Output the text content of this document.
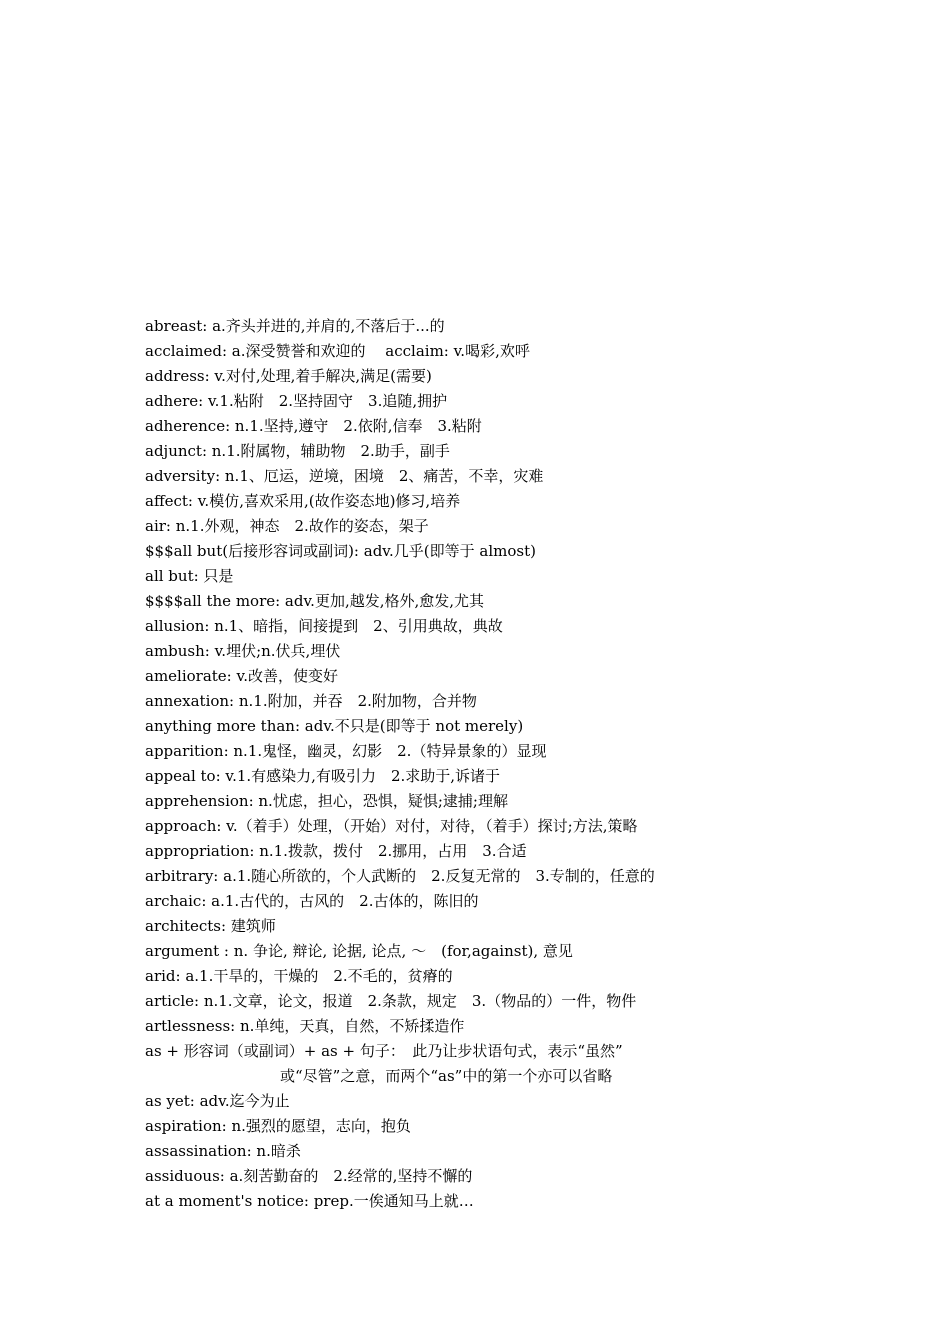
abreast: a.齐头并进的,并肩的,不落后于...的
acclaimed: a.深受赞誉和欢迎的　 acclaim: v.喝彩,欢呼
address: v.对付,处理,着手解决,满足(需要)
adhere: v.1.粘附　2.坚持固守　3.追随,拥护
adherence: n.1.坚持,遵守　2.依附,信奉　3.粘附
adjunct: n.1.附属物，辅助物　2.助手，副手
adversity: n.1、厄运，逆境，困境　2、痛苦，不幸，灾难
affect: v.模仿,喜欢采用,(故作姿态地)修习,培养
air: n.1.外观，神态　2.故作的姿态，架子
$$$all but(后接形容词或副词): adv.几乎(即等于 almost)
all but: 只是
$$$$all the more: adv.更加,越发,格外,愈发,尤其
allusion: n.1、暗指，间接提到　2、引用典故，典故
ambush: v.埋伏;n.伏兵,埋伏
ameliorate: v.改善，使变好
annexation: n.1.附加，并吞　2.附加物，合并物
anything more than: adv.不只是(即等于 not merely)
apparition: n.1.鬼怪，幽灵，幻影　2.（特异景象的）显现
appeal to: v.1.有感染力,有吸引力　2.求助于,诉诸于
apprehension: n.忧虑，担心，恐惧，疑惧;逮捕;理解
approach: v.（着手）处理，（开始）对付，对待，（着手）探讨;方法,策略
appropriation: n.1.拨款，拨付　2.挪用，占用　3.合适
arbitrary: a.1.随心所欲的，个人武断的　2.反复无常的　3.专制的，任意的
archaic: a.1.古代的，古风的　2.古体的，陈旧的
architects: 建筑师
argument : n. 争论, 辩论, 论据, 论点, ～　(for,against), 意见
arid: a.1.干旱的，干燥的　2.不毛的，贫瘠的
article: n.1.文章，论文，报道　2.条款，规定　3.（物品的）一件，物件
artlessness: n.单纯，天真，自然，不矫揉造作
as + 形容词（或副词）+ as + 句子：　此乃让步状语句式，表示“虽然”
或“尽管”之意，而两个“as”中的第一个亦可以省略
as yet: adv.迄今为止
aspiration: n.强烈的愿望，志向，抱负
assassination: n.暗杀
assiduous: a.刻苦勤奋的　2.经常的,坚持不懈的
at a moment's notice: prep.一俟通知马上就…
